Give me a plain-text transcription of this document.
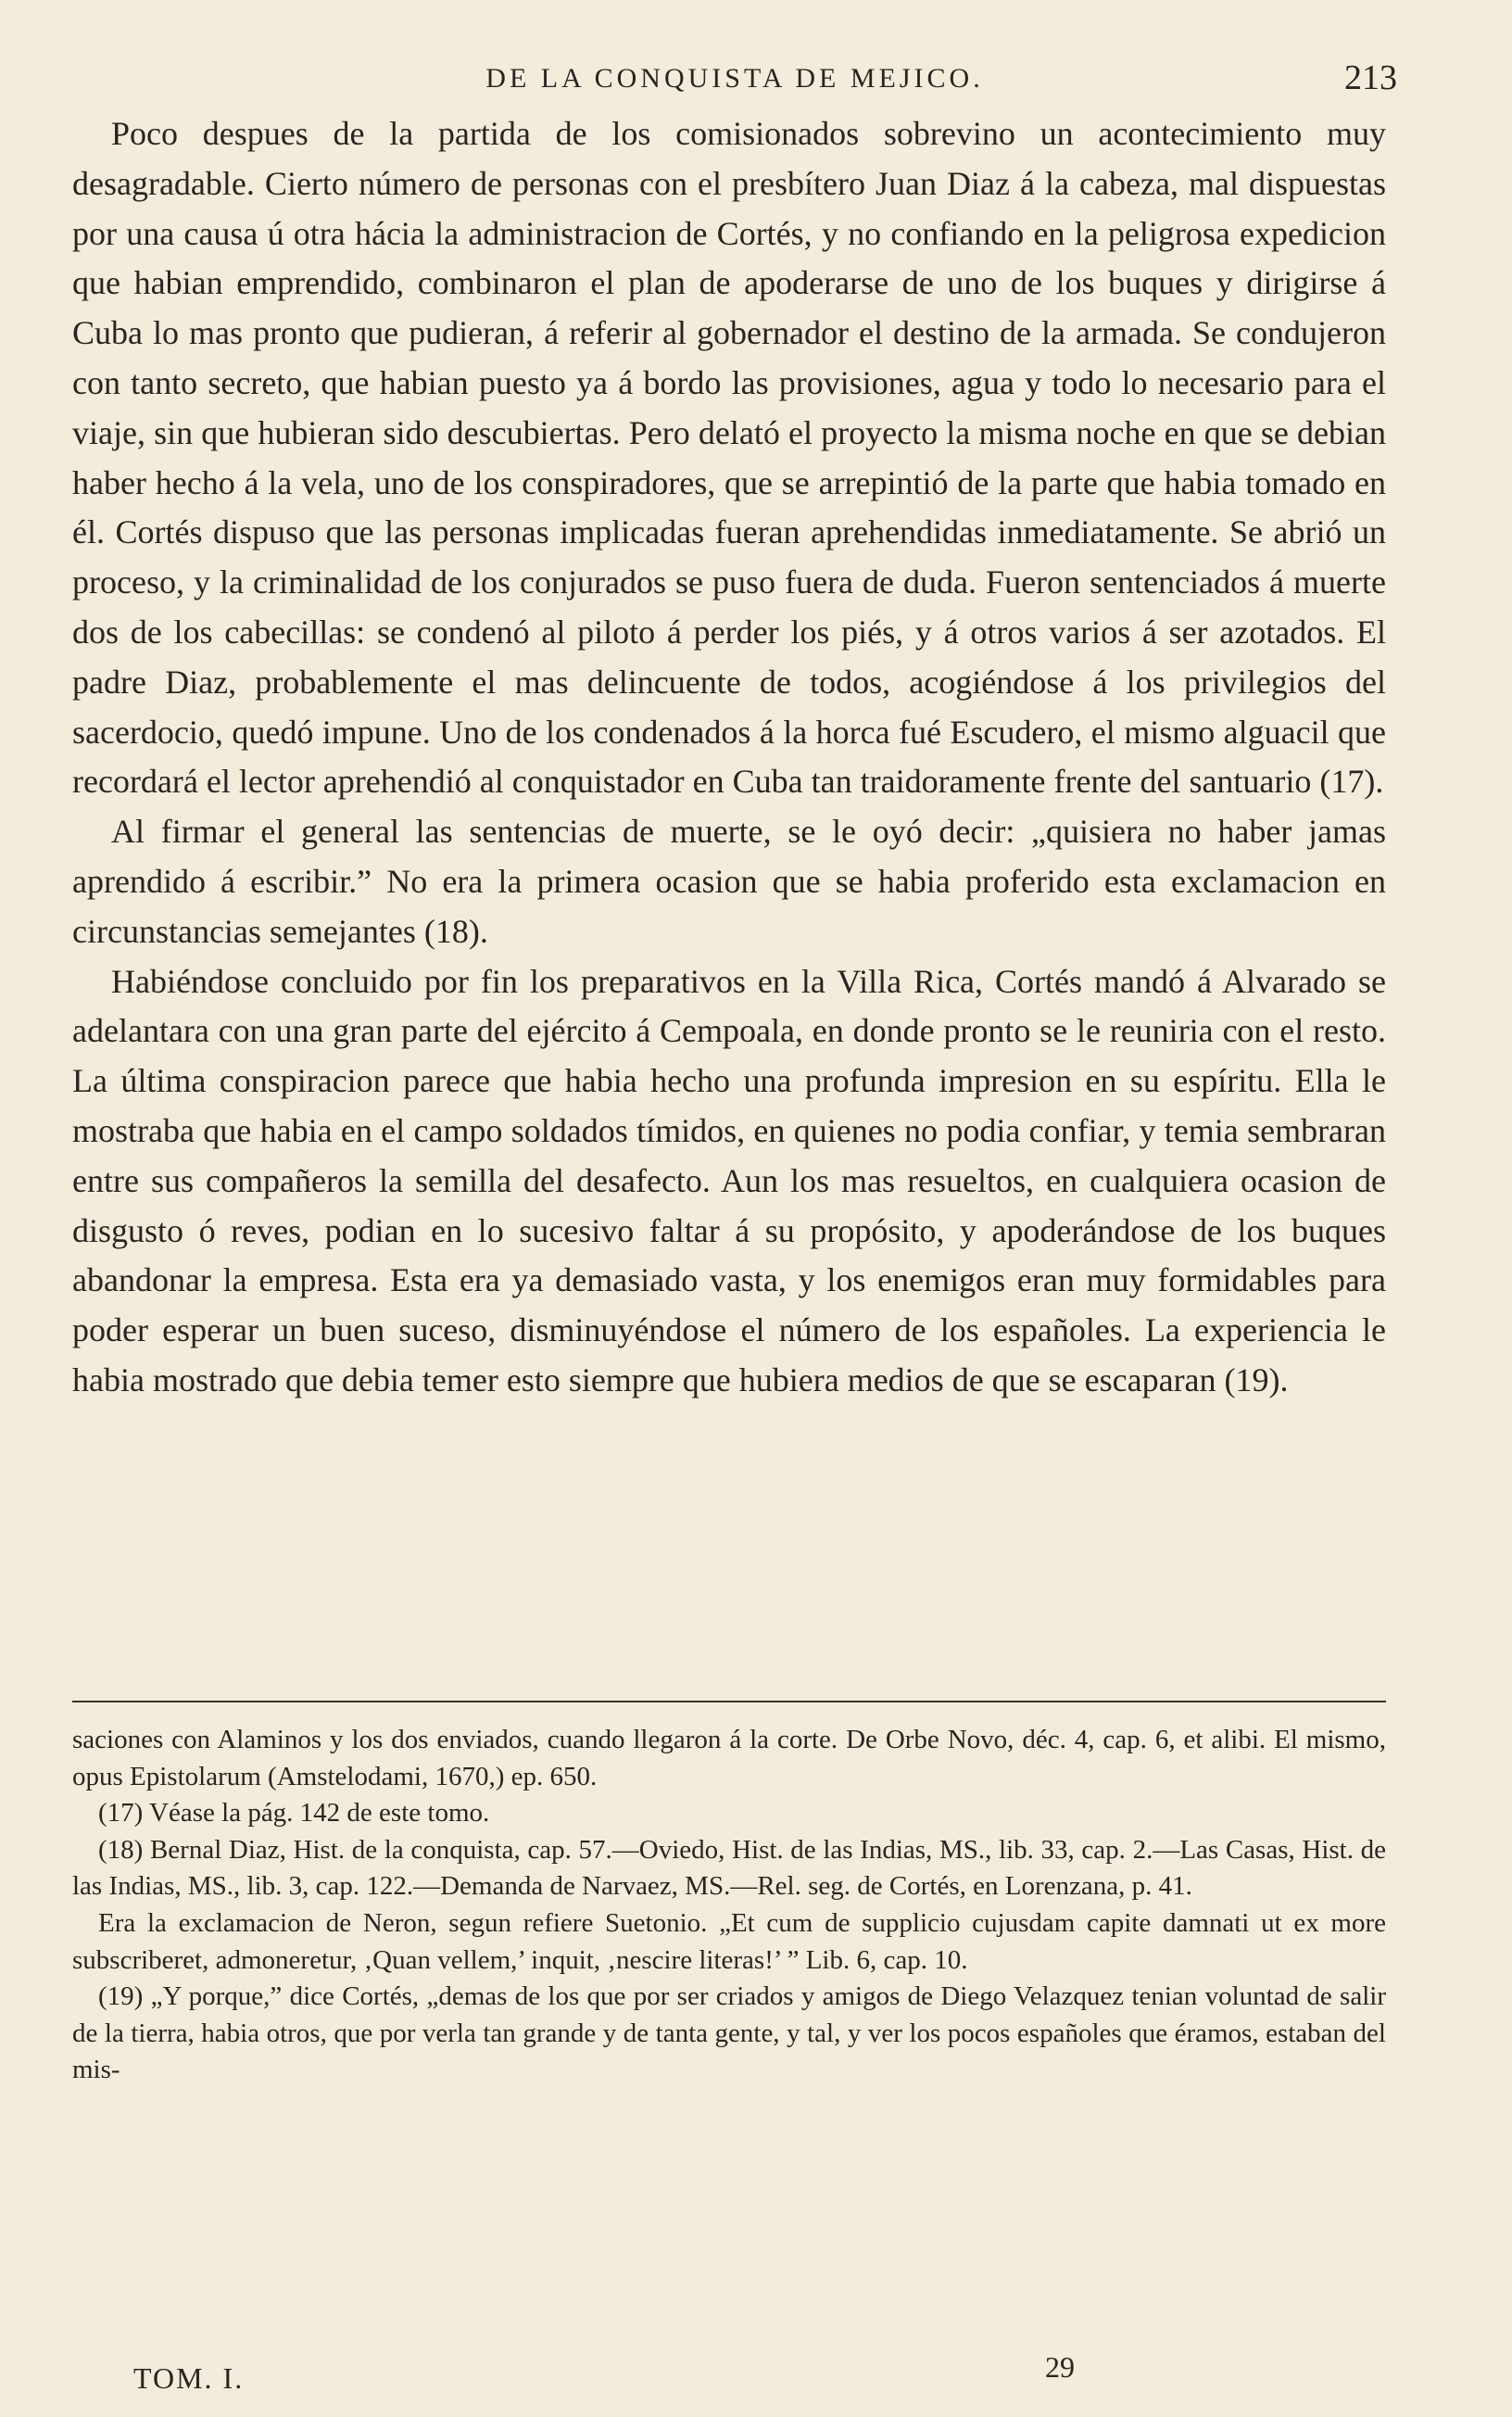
DE LA CONQUISTA DE MEJICO.	213

Poco despues de la partida de los comisionados sobrevino un acontecimiento muy desagradable. Cierto número de personas con el presbítero Juan Diaz á la cabeza, mal dispuestas por una causa ú otra hácia la administracion de Cortés, y no confiando en la peligrosa expedicion que habian emprendido, combinaron el plan de apoderarse de uno de los buques y dirigirse á Cuba lo mas pronto que pudieran, á referir al gobernador el destino de la armada. Se condujeron con tanto secreto, que habian puesto ya á bordo las provisiones, agua y todo lo necesario para el viaje, sin que hubieran sido descubiertas. Pero delató el proyecto la misma noche en que se debian haber hecho á la vela, uno de los conspiradores, que se arrepintió de la parte que habia tomado en él. Cortés dispuso que las personas implicadas fueran aprehendidas inmediatamente. Se abrió un proceso, y la criminalidad de los conjurados se puso fuera de duda. Fueron sentenciados á muerte dos de los cabecillas: se condenó al piloto á perder los piés, y á otros varios á ser azotados. El padre Diaz, probablemente el mas delincuente de todos, acogiéndose á los privilegios del sacerdocio, quedó impune. Uno de los condenados á la horca fué Escudero, el mismo alguacil que recordará el lector aprehendió al conquistador en Cuba tan traidoramente frente del santuario (17).

Al firmar el general las sentencias de muerte, se le oyó decir: „quisiera no haber jamas aprendido á escribir.” No era la primera ocasion que se habia proferido esta exclamacion en circunstancias semejantes (18).

Habiéndose concluido por fin los preparativos en la Villa Rica, Cortés mandó á Alvarado se adelantara con una gran parte del ejército á Cempoala, en donde pronto se le reuniria con el resto. La última conspiracion parece que habia hecho una profunda impresion en su espíritu. Ella le mostraba que habia en el campo soldados tímidos, en quienes no podia confiar, y temia sembraran entre sus compañeros la semilla del desafecto. Aun los mas resueltos, en cualquiera ocasion de disgusto ó reves, podian en lo sucesivo faltar á su propósito, y apoderándose de los buques abandonar la empresa. Esta era ya demasiado vasta, y los enemigos eran muy formidables para poder esperar un buen suceso, disminuyéndose el número de los españoles. La experiencia le habia mostrado que debia temer esto siempre que hubiera medios de que se escaparan (19).

saciones con Alaminos y los dos enviados, cuando llegaron á la corte. De Orbe Novo, déc. 4, cap. 6, et alibi. El mismo, opus Epistolarum (Amstelodami, 1670,) ep. 650.

(17) Véase la pág. 142 de este tomo.

(18) Bernal Diaz, Hist. de la conquista, cap. 57.—Oviedo, Hist. de las Indias, MS., lib. 33, cap. 2.—Las Casas, Hist. de las Indias, MS., lib. 3, cap. 122.—Demanda de Narvaez, MS.—Rel. seg. de Cortés, en Lorenzana, p. 41.

Era la exclamacion de Neron, segun refiere Suetonio. „Et cum de supplicio cujusdam capite damnati ut ex more subscriberet, admoneretur, ‚Quan vellem,’ inquit, ‚nescire literas!’ ” Lib. 6, cap. 10.

(19) „Y porque,” dice Cortés, „demas de los que por ser criados y amigos de Diego Velazquez tenian voluntad de salir de la tierra, habia otros, que por verla tan grande y de tanta gente, y tal, y ver los pocos españoles que éramos, estaban del mis-

TOM. I.	29
